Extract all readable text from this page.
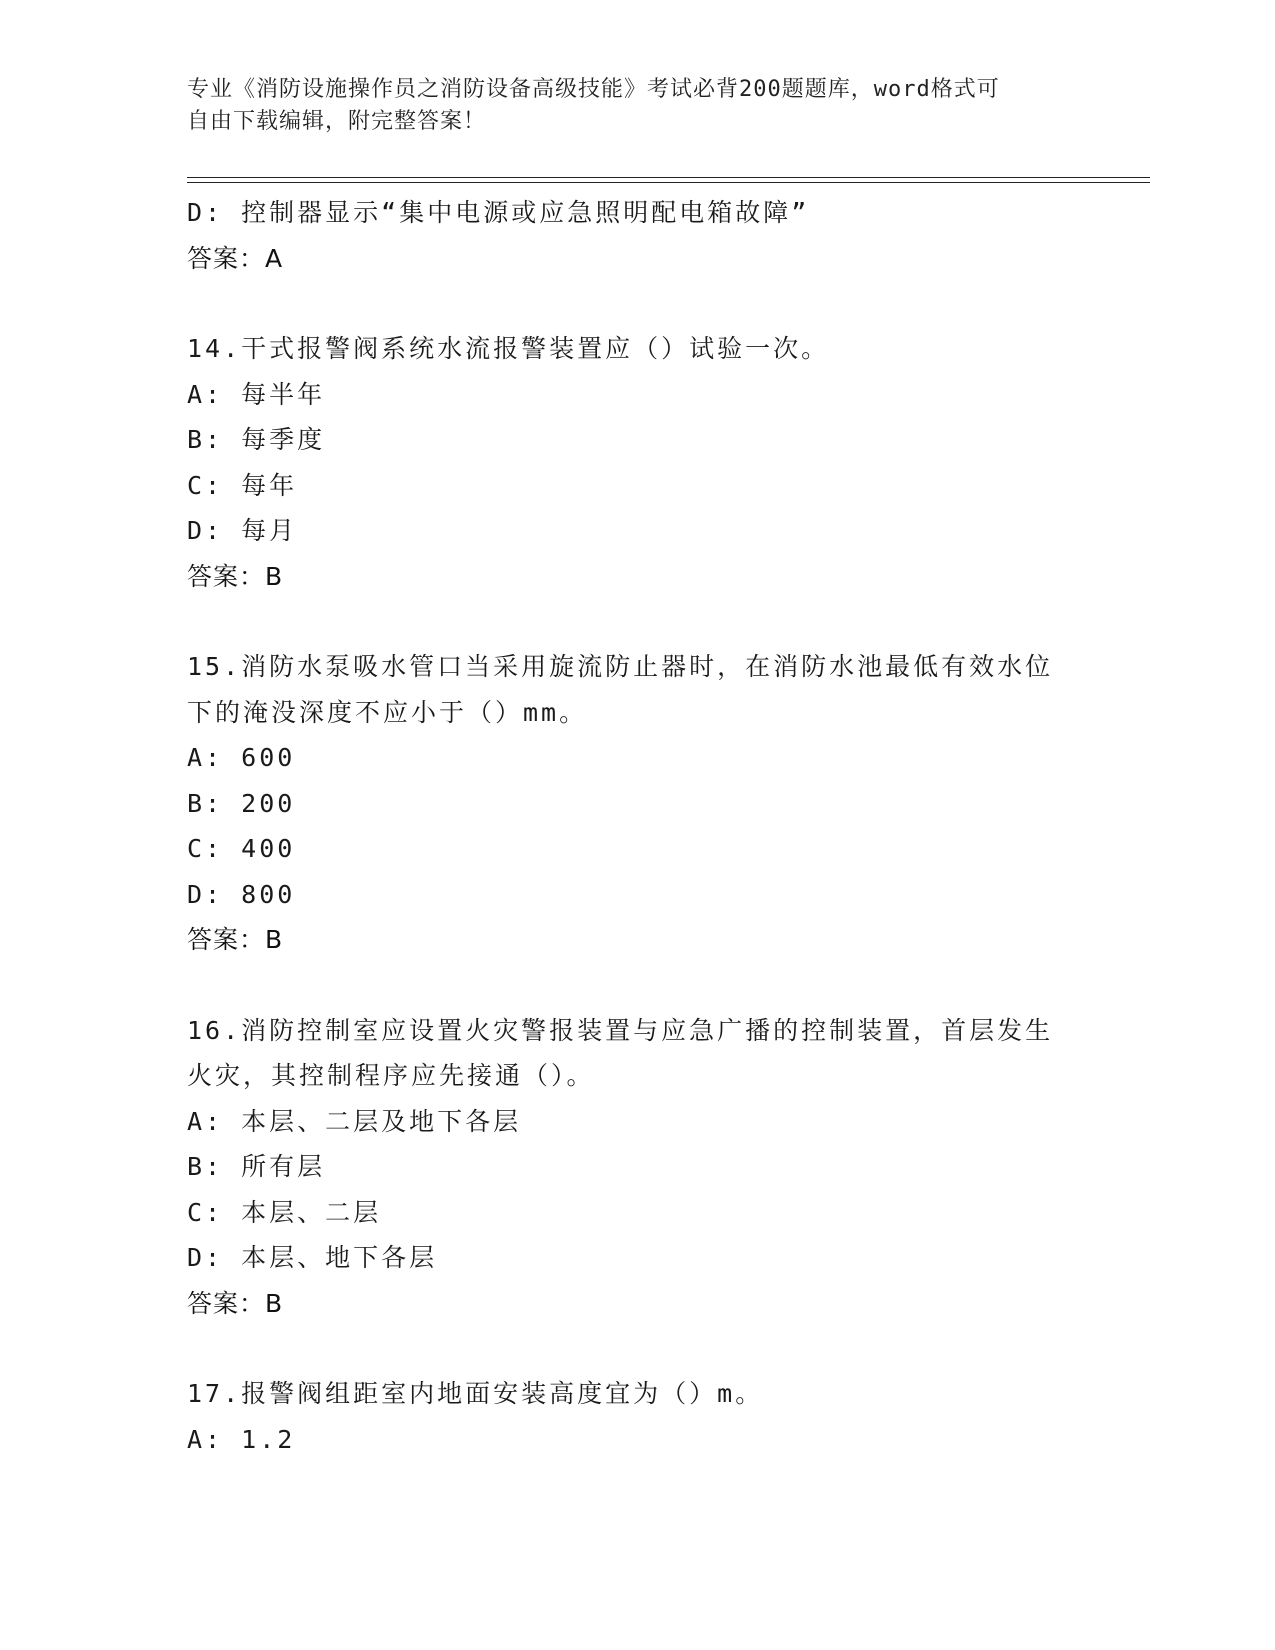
专业《消防设施操作员之消防设备高级技能》考试必背200题题库，word格式可
自由下载编辑，附完整答案！
D: 控制器显示“集中电源或应急照明配电箱故障”
答案：A
14.干式报警阀系统水流报警装置应（）试验一次。
A: 每半年
B: 每季度
C: 每年
D: 每月
答案：B
15.消防水泵吸水管口当采用旋流防止器时，在消防水池最低有效水位
下的淹没深度不应小于（）mm。
A: 600
B: 200
C: 400
D: 800
答案：B
16.消防控制室应设置火灾警报装置与应急广播的控制装置，首层发生
火灾，其控制程序应先接通（）。
A: 本层、二层及地下各层
B: 所有层
C: 本层、二层
D: 本层、地下各层
答案：B
17.报警阀组距室内地面安装高度宜为（）m。
A: 1.2
